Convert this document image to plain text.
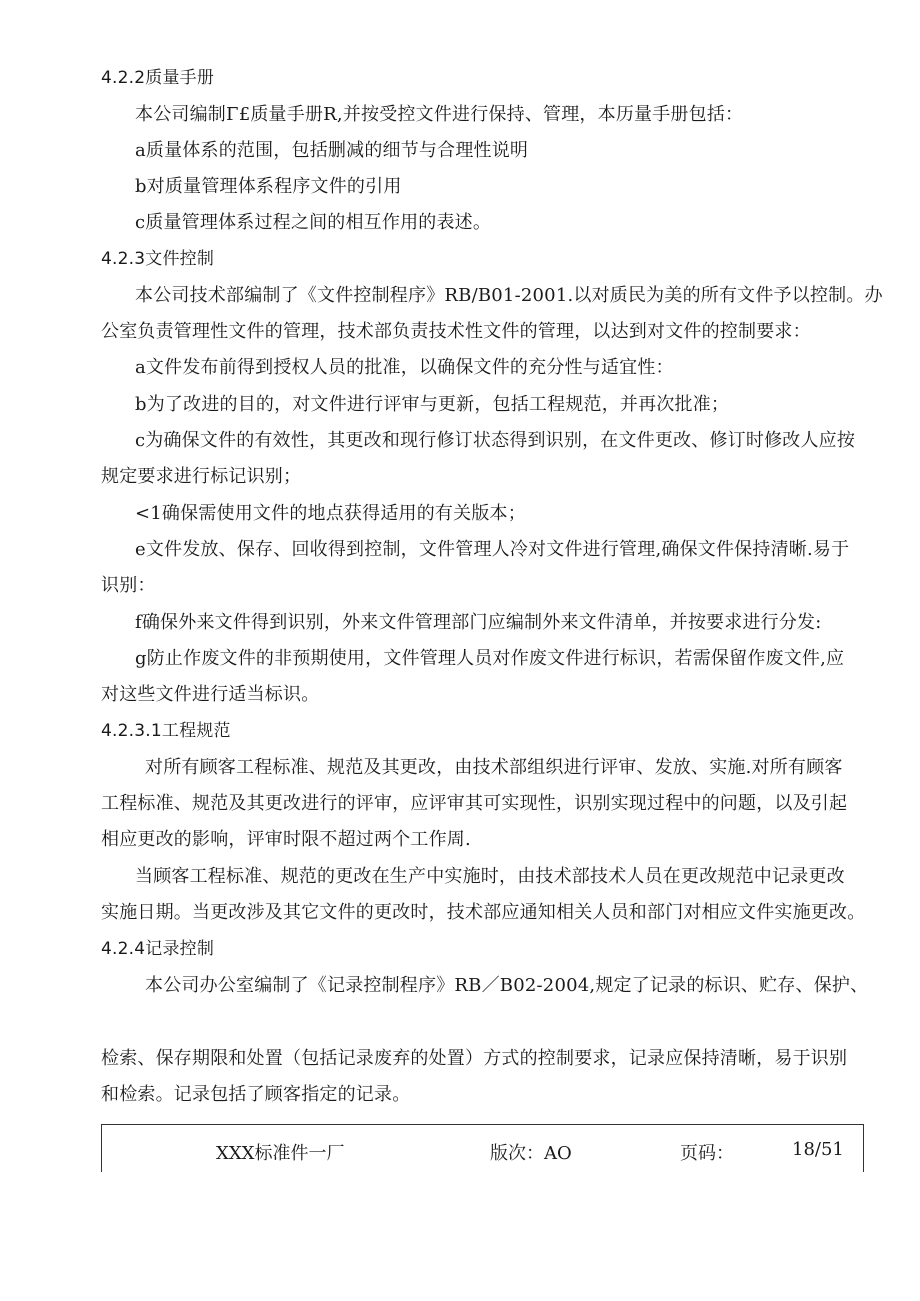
4.2.2质量手册
本公司编制Γ£质量手册R,并按受控文件进行保持、管理，本历量手册包括：
a质量体系的范围，包括删减的细节与合理性说明
b对质量管理体系程序文件的引用
c质量管理体系过程之间的相互作用的表述。
4.2.3文件控制
本公司技术部编制了《文件控制程序》RB/B01-2001.以对质民为美的所有文件予以控制。办
公室负责管理性文件的管理，技术部负责技术性文件的管理，以达到对文件的控制要求：
a文件发布前得到授权人员的批准，以确保文件的充分性与适宜性：
b为了改进的目的，对文件进行评审与更新，包括工程规范，并再次批准；
c为确保文件的有效性，其更改和现行修订状态得到识别，在文件更改、修订时修改人应按
规定要求进行标记识别；
<1确保需使用文件的地点获得适用的有关版本；
e文件发放、保存、回收得到控制，文件管理人冷对文件进行管理,确保文件保持清晰.易于
识别：
f确保外来文件得到识别，外来文件管理部门应编制外来文件清单，并按要求进行分发:
g防止作废文件的非预期使用，文件管理人员对作废文件进行标识，若需保留作废文件,应
对这些文件进行适当标识。
4.2.3.1工程规范
对所有顾客工程标准、规范及其更改，由技术部组织进行评审、发放、实施.对所有顾客
工程标准、规范及其更改进行的评审，应评审其可实现性，识别实现过程中的问题，以及引起
相应更改的影响，评审时限不超过两个工作周.
当顾客工程标准、规范的更改在生产中实施时，由技术部技术人员在更改规范中记录更改
实施日期。当更改涉及其它文件的更改时，技术部应通知相关人员和部门对相应文件实施更改。
4.2.4记录控制
本公司办公室编制了《记录控制程序》RB／B02-2004,规定了记录的标识、贮存、保护、
检索、保存期限和处置（包括记录废弃的处置）方式的控制要求，记录应保持清晰，易于识别
和检索。记录包括了顾客指定的记录。
XXX标准件一厂	版次：AO	页码：	18/51
